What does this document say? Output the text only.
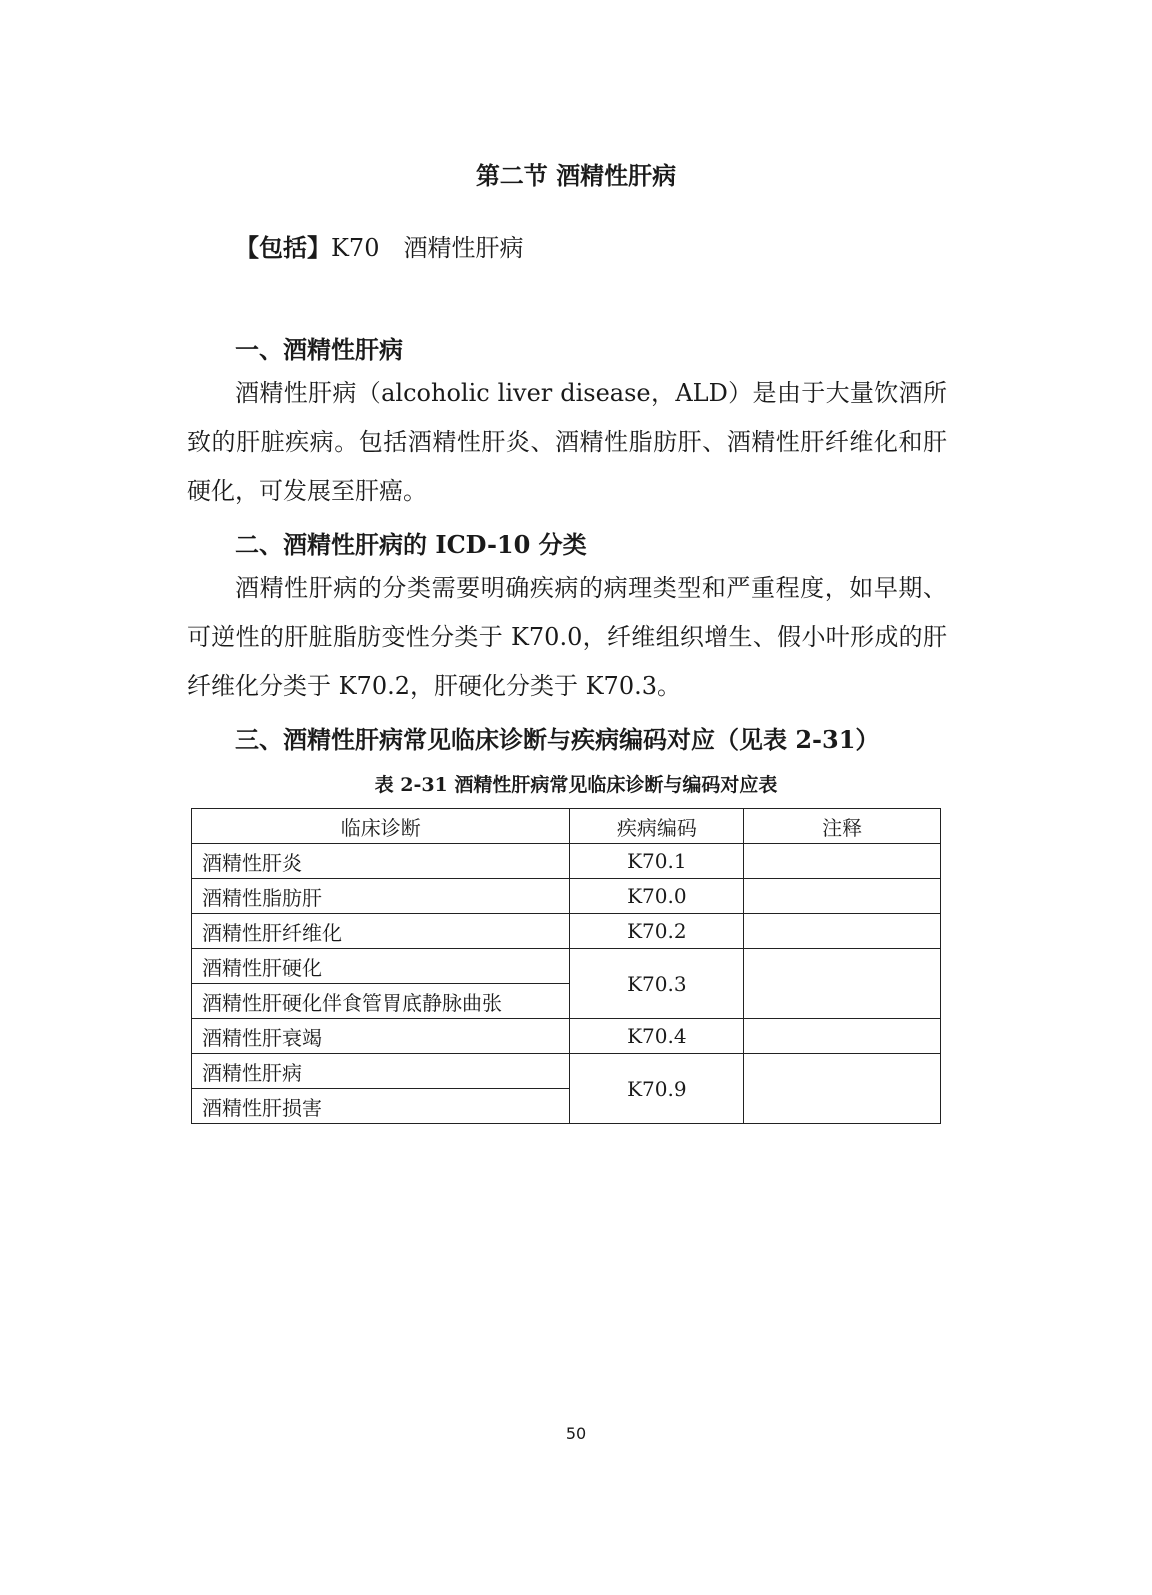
第二节 酒精性肝病
【包括】K70 酒精性肝病
一、酒精性肝病

酒精性肝病（alcoholic liver disease，ALD）是由于大量饮酒所致的肝脏疾病。包括酒精性肝炎、酒精性脂肪肝、酒精性肝纤维化和肝硬化，可发展至肝癌。

二、酒精性肝病的 ICD-10 分类

酒精性肝病的分类需要明确疾病的病理类型和严重程度，如早期、可逆性的肝脏脂肪变性分类于 K70.0，纤维组织增生、假小叶形成的肝纤维化分类于 K70.2，肝硬化分类于 K70.3。

三、酒精性肝病常见临床诊断与疾病编码对应（见表 2-31）
表 2-31 酒精性肝病常见临床诊断与编码对应表
临床诊断	疾病编码	注释
酒精性肝炎	K70.1	
酒精性脂肪肝	K70.0	
酒精性肝纤维化	K70.2	
酒精性肝硬化	K70.3	
酒精性肝硬化伴食管胃底静脉曲张		
酒精性肝衰竭	K70.4	
酒精性肝病	K70.9	
酒精性肝损害		
50
